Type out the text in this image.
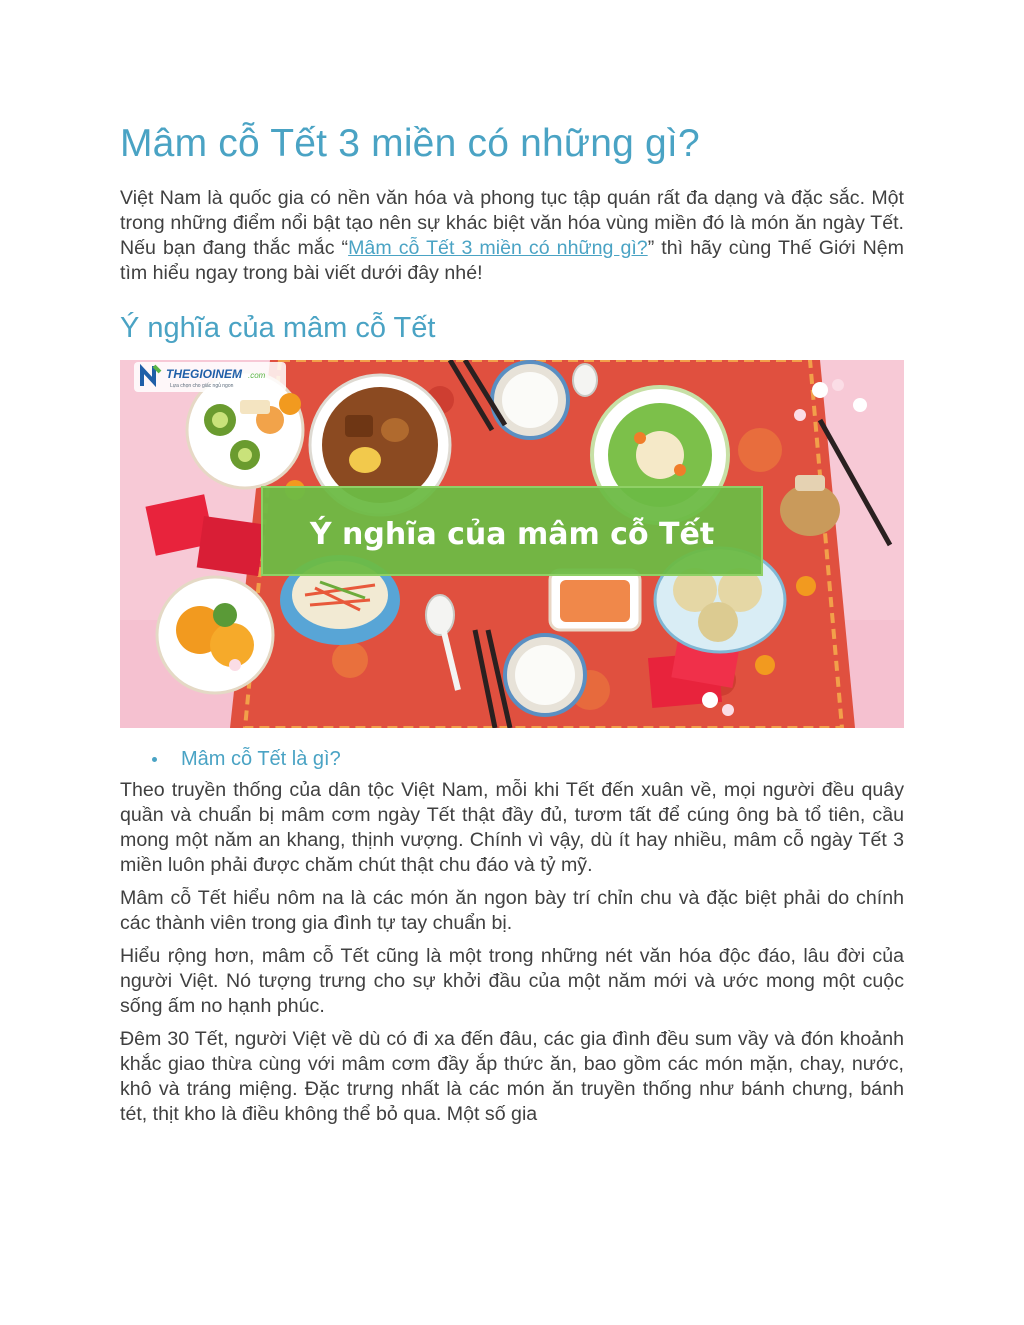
Mâm cỗ Tết 3 miền có những gì?

Việt Nam là quốc gia có nền văn hóa và phong tục tập quán rất đa dạng và đặc sắc. Một trong những điểm nổi bật tạo nên sự khác biệt văn hóa vùng miền đó là món ăn ngày Tết. Nếu bạn đang thắc mắc “Mâm cỗ Tết 3 miền có những gì?” thì hãy cùng Thế Giới Nệm tìm hiểu ngay trong bài viết dưới đây nhé!

Ý nghĩa của mâm cỗ Tết
Ý nghĩa của mâm cỗ Tết
THEGIOINEM .com
Lựa chọn cho giấc ngủ ngon
Mâm cỗ Tết là gì?

Theo truyền thống của dân tộc Việt Nam, mỗi khi Tết đến xuân về, mọi người đều quây quần và chuẩn bị mâm cơm ngày Tết thật đầy đủ, tươm tất để cúng ông bà tổ tiên, cầu mong một năm an khang, thịnh vượng. Chính vì vậy, dù ít hay nhiều, mâm cỗ ngày Tết 3 miền luôn phải được chăm chút thật chu đáo và tỷ mỹ.

Mâm cỗ Tết hiểu nôm na là các món ăn ngon bày trí chỉn chu và đặc biệt phải do chính các thành viên trong gia đình tự tay chuẩn bị.

Hiểu rộng hơn, mâm cỗ Tết cũng là một trong những nét văn hóa độc đáo, lâu đời của người Việt. Nó tượng trưng cho sự khởi đầu của một năm mới và ước mong một cuộc sống ấm no hạnh phúc.

Đêm 30 Tết, người Việt về dù có đi xa đến đâu, các gia đình đều sum vầy và đón khoảnh khắc giao thừa cùng với mâm cơm đầy ắp thức ăn, bao gồm các món mặn, chay, nước, khô và tráng miệng. Đặc trưng nhất là các món ăn truyền thống như bánh chưng, bánh tét, thịt kho là điều không thể bỏ qua. Một số gia
